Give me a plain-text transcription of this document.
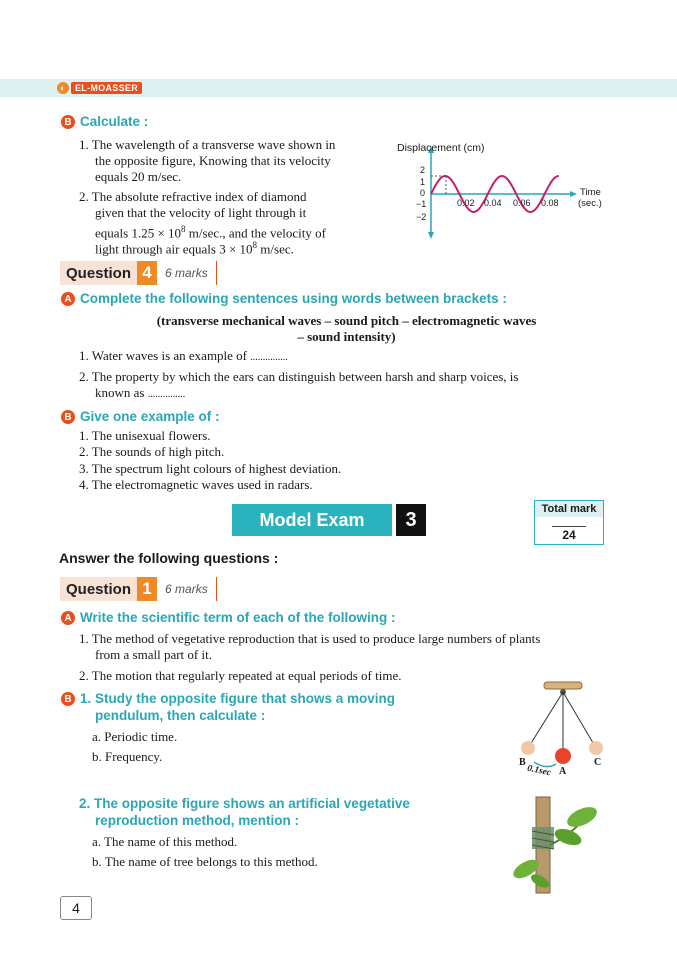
◐	EL-MOASSER
B Calculate :
1. The wavelength of a transverse wave shown in
the opposite figure, Knowing that its velocity
equals 20 m/sec.
2. The absolute refractive index of diamond
given that the velocity of light through it
equals $1.25 \times 10^8$ m/sec., and the velocity of
light through air equals $3 \times 10^8$ m/sec.
Displacement (cm)
2
1
0
−1
−2
0.02 0.04 0.06 0.08
Time
(sec.)
Question 4	6 marks
A Complete the following sentences using words between brackets :
(transverse mechanical waves – sound pitch – electromagnetic waves
– sound intensity)
1. Water waves is an example of ...............
2. The property by which the ears can distinguish between harsh and sharp voices, is
known as ...............
B Give one example of :
1. The unisexual flowers.
2. The sounds of high pitch.
3. The spectrum light colours of highest deviation.
4. The electromagnetic waves used in radars.
Model Exam	3	Total mark
24
Answer the following questions :
Question 1	6 marks
A Write the scientific term of each of the following :
1. The method of vegetative reproduction that is used to produce large numbers of plants
from a small part of it.
2. The motion that regularly repeated at equal periods of time.
B 1. Study the opposite figure that shows a moving
pendulum, then calculate :
a. Periodic time.
b. Frequency.	B
A
C
0.1sec
2. The opposite figure shows an artificial vegetative
reproduction method, mention :
a. The name of this method.
b. The name of tree belongs to this method.
4
